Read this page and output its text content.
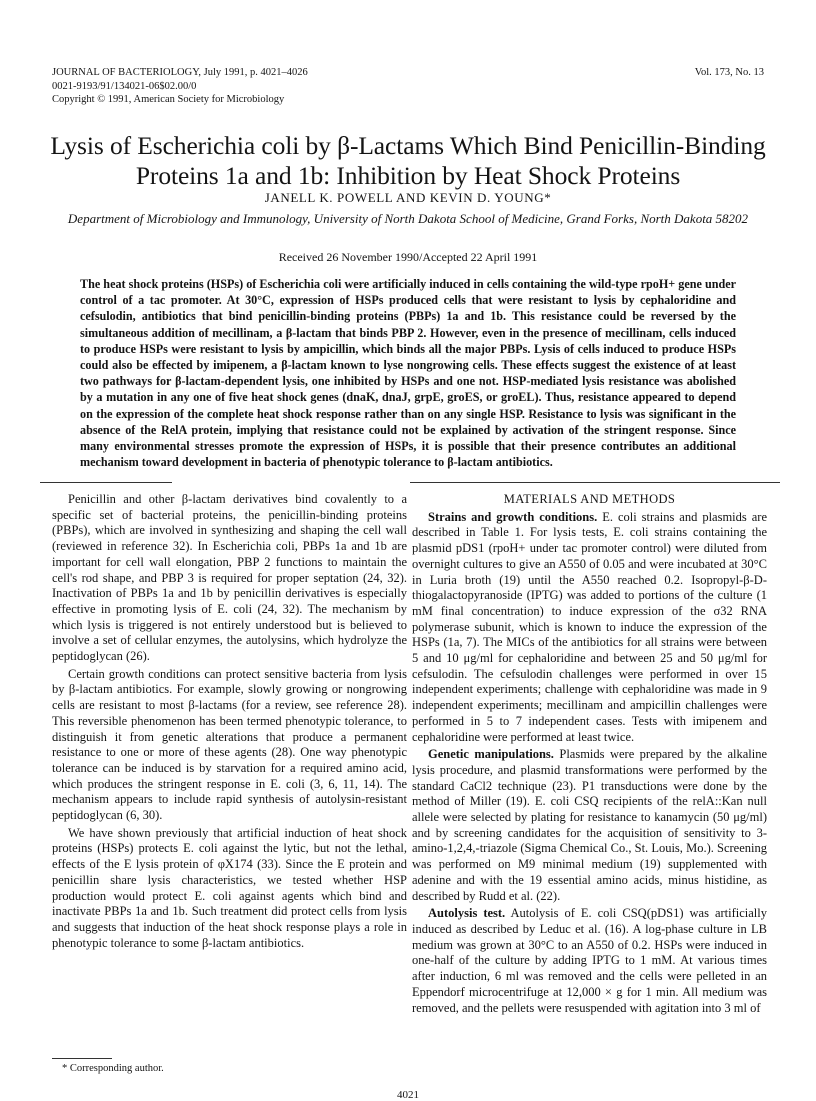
JOURNAL OF BACTERIOLOGY, July 1991, p. 4021–4026
0021-9193/91/134021-06$02.00/0
Copyright © 1991, American Society for Microbiology
Vol. 173, No. 13
Lysis of Escherichia coli by β-Lactams Which Bind Penicillin-Binding Proteins 1a and 1b: Inhibition by Heat Shock Proteins
JANELL K. POWELL AND KEVIN D. YOUNG*
Department of Microbiology and Immunology, University of North Dakota School of Medicine, Grand Forks, North Dakota 58202
Received 26 November 1990/Accepted 22 April 1991

The heat shock proteins (HSPs) of Escherichia coli were artificially induced in cells containing the wild-type rpoH+ gene under control of a tac promoter. At 30°C, expression of HSPs produced cells that were resistant to lysis by cephaloridine and cefsulodin, antibiotics that bind penicillin-binding proteins (PBPs) 1a and 1b. This resistance could be reversed by the simultaneous addition of mecillinam, a β-lactam that binds PBP 2. However, even in the presence of mecillinam, cells induced to produce HSPs were resistant to lysis by ampicillin, which binds all the major PBPs. Lysis of cells induced to produce HSPs could also be effected by imipenem, a β-lactam known to lyse nongrowing cells. These effects suggest the existence of at least two pathways for β-lactam-dependent lysis, one inhibited by HSPs and one not. HSP-mediated lysis resistance was abolished by a mutation in any one of five heat shock genes (dnaK, dnaJ, grpE, groES, or groEL). Thus, resistance appeared to depend on the expression of the complete heat shock response rather than on any single HSP. Resistance to lysis was significant in the absence of the RelA protein, implying that resistance could not be explained by activation of the stringent response. Since many environmental stresses promote the expression of HSPs, it is possible that their presence contributes an additional mechanism toward development in bacteria of phenotypic tolerance to β-lactam antibiotics.

Penicillin and other β-lactam derivatives bind covalently to a specific set of bacterial proteins, the penicillin-binding proteins (PBPs), which are involved in synthesizing and shaping the cell wall (reviewed in reference 32). In Escherichia coli, PBPs 1a and 1b are important for cell wall elongation, PBP 2 functions to maintain the cell's rod shape, and PBP 3 is required for proper septation (24, 32). Inactivation of PBPs 1a and 1b by penicillin derivatives is especially effective in promoting lysis of E. coli (24, 32). The mechanism by which lysis is triggered is not entirely understood but is believed to involve a set of cellular enzymes, the autolysins, which hydrolyze the peptidoglycan (26).

Certain growth conditions can protect sensitive bacteria from lysis by β-lactam antibiotics. For example, slowly growing or nongrowing cells are resistant to most β-lactams (for a review, see reference 28). This reversible phenomenon has been termed phenotypic tolerance, to distinguish it from genetic alterations that produce a permanent resistance to one or more of these agents (28). One way phenotypic tolerance can be induced is by starvation for a required amino acid, which produces the stringent response in E. coli (3, 6, 11, 14). The mechanism appears to include rapid synthesis of autolysin-resistant peptidoglycan (6, 30).

We have shown previously that artificial induction of heat shock proteins (HSPs) protects E. coli against the lytic, but not the lethal, effects of the E lysis protein of φX174 (33). Since the E protein and penicillin share lysis characteristics, we tested whether HSP production would protect E. coli against agents which bind and inactivate PBPs 1a and 1b. Such treatment did protect cells from lysis and suggests that induction of the heat shock response plays a role in phenotypic tolerance to some β-lactam antibiotics.

MATERIALS AND METHODS

Strains and growth conditions. E. coli strains and plasmids are described in Table 1. For lysis tests, E. coli strains containing the plasmid pDS1 (rpoH+ under tac promoter control) were diluted from overnight cultures to give an A550 of 0.05 and were incubated at 30°C in Luria broth (19) until the A550 reached 0.2. Isopropyl-β-D-thiogalactopyranoside (IPTG) was added to portions of the culture (1 mM final concentration) to induce expression of the σ32 RNA polymerase subunit, which is known to induce the expression of the HSPs (1a, 7). The MICs of the antibiotics for all strains were between 5 and 10 μg/ml for cephaloridine and between 25 and 50 μg/ml for cefsulodin. The cefsulodin challenges were performed in over 15 independent experiments; challenge with cephaloridine was made in 9 independent experiments; mecillinam and ampicillin challenges were performed in 5 to 7 independent cases. Tests with imipenem and cephaloridine were performed at least twice.

Genetic manipulations. Plasmids were prepared by the alkaline lysis procedure, and plasmid transformations were performed by the standard CaCl2 technique (23). P1 transductions were done by the method of Miller (19). E. coli CSQ recipients of the relA::Kan null allele were selected by plating for resistance to kanamycin (50 μg/ml) and by screening candidates for the acquisition of sensitivity to 3-amino-1,2,4,-triazole (Sigma Chemical Co., St. Louis, Mo.). Screening was performed on M9 minimal medium (19) supplemented with adenine and with the 19 essential amino acids, minus histidine, as described by Rudd et al. (22).

Autolysis test. Autolysis of E. coli CSQ(pDS1) was artificially induced as described by Leduc et al. (16). A log-phase culture in LB medium was grown at 30°C to an A550 of 0.2. HSPs were induced in one-half of the culture by adding IPTG to 1 mM. At various times after induction, 6 ml was removed and the cells were pelleted in an Eppendorf microcentrifuge at 12,000 × g for 1 min. All medium was removed, and the pellets were resuspended with agitation into 3 ml of

* Corresponding author.
4021
